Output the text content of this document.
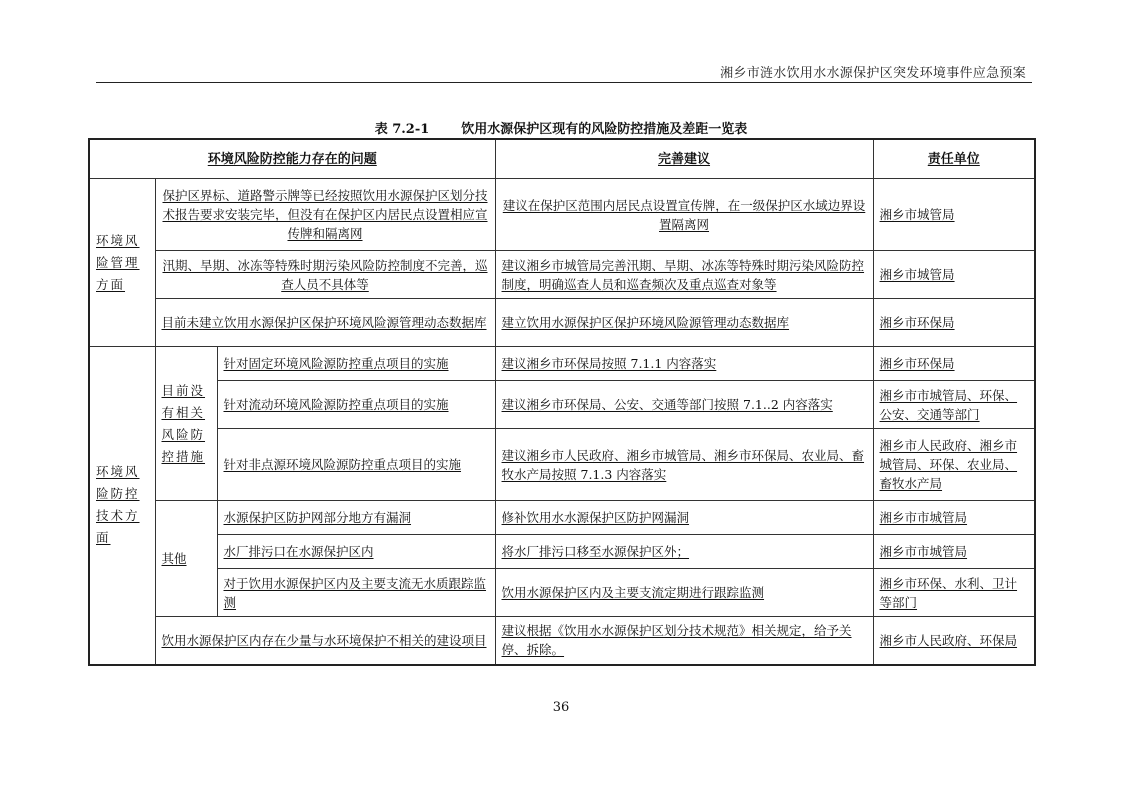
湘乡市涟水饮用水水源保护区突发环境事件应急预案
表 7.2-1 饮用水源保护区现有的风险防控措施及差距一览表
环境风险防控能力存在的问题			完善建议	责任单位
环境风险管理方面	保护区界标、道路警示牌等已经按照饮用水源保护区划分技术报告要求安装完毕，但没有在保护区内居民点设置相应宣传牌和隔离网		建议在保护区范围内居民点设置宣传牌，在一级保护区水域边界设置隔离网	湘乡市城管局
	汛期、旱期、冰冻等特殊时期污染风险防控制度不完善，巡查人员不具体等		建议湘乡市城管局完善汛期、旱期、冰冻等特殊时期污染风险防控制度，明确巡查人员和巡查频次及重点巡查对象等	湘乡市城管局
	目前未建立饮用水源保护区保护环境风险源管理动态数据库		建立饮用水源保护区保护环境风险源管理动态数据库	湘乡市环保局
环境风险防控技术方面	目前没有相关风险防控措施	针对固定环境风险源防控重点项目的实施	建议湘乡市环保局按照 7.1.1 内容落实	湘乡市环保局
		针对流动环境风险源防控重点项目的实施	建议湘乡市环保局、公安、交通等部门按照 7.1..2 内容落实	湘乡市市城管局、环保、公安、交通等部门
		针对非点源环境风险源防控重点项目的实施	建议湘乡市人民政府、湘乡市城管局、湘乡市环保局、农业局、畜牧水产局按照 7.1.3 内容落实	湘乡市人民政府、湘乡市城管局、环保、农业局、畜牧水产局
	其他	水源保护区防护网部分地方有漏洞	修补饮用水水源保护区防护网漏洞	湘乡市市城管局
		水厂排污口在水源保护区内	将水厂排污口移至水源保护区外；	湘乡市市城管局
		对于饮用水源保护区内及主要支流无水质跟踪监测	饮用水源保护区内及主要支流定期进行跟踪监测	湘乡市环保、水利、卫计等部门
	饮用水源保护区内存在少量与水环境保护不相关的建设项目		建议根据《饮用水水源保护区划分技术规范》相关规定，给予关停、拆除。	湘乡市人民政府、环保局
36
